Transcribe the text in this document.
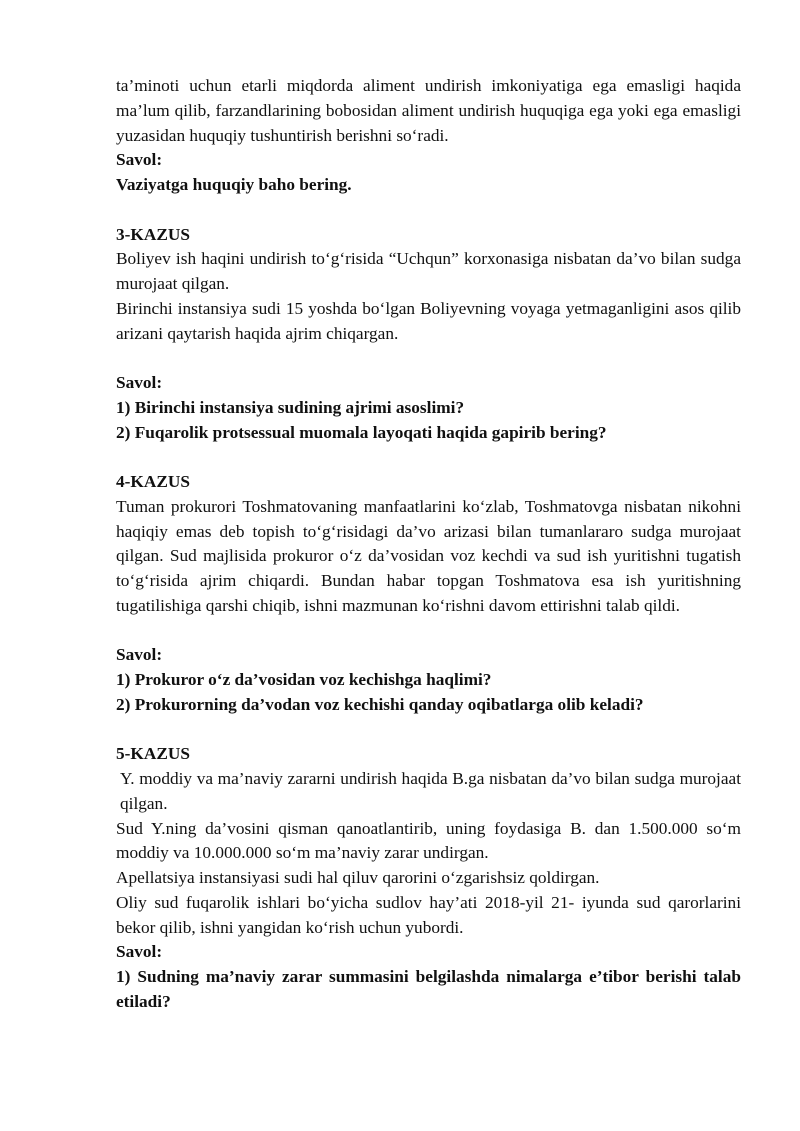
ta’minoti uchun etarli miqdorda aliment undirish imkoniyatiga ega emasligi haqida ma’lum qilib, farzandlarining bobosidan aliment undirish huquqiga ega yoki ega emasligi yuzasidan huquqiy tushuntirish berishni so‘radi.

Savol:

Vaziyatga huquqiy baho bering.

3-KAZUS

Boliyev ish haqini undirish to‘g‘risida “Uchqun” korxonasiga nisbatan da’vo bilan sudga murojaat qilgan.

Birinchi instansiya sudi 15 yoshda bo‘lgan Boliyevning voyaga yetmaganligini asos qilib arizani qaytarish haqida ajrim chiqargan.

Savol:

1) Birinchi instansiya sudining ajrimi asoslimi?

2) Fuqarolik protsessual muomala layoqati haqida gapirib bering?

4-KAZUS

Tuman prokurori Toshmatovaning manfaatlarini ko‘zlab, Toshmatovga nisbatan nikohni haqiqiy emas deb topish to‘g‘risidagi da’vo arizasi bilan tumanlararo sudga murojaat qilgan. Sud majlisida prokuror o‘z da’vosidan voz kechdi va sud ish yuritishni tugatish to‘g‘risida ajrim chiqardi. Bundan habar topgan Toshmatova esa ish yuritishning tugatilishiga qarshi chiqib, ishni mazmunan ko‘rishni davom ettirishni talab qildi.

Savol:

1) Prokuror o‘z da’vosidan voz kechishga haqlimi?

2) Prokurorning da’vodan voz kechishi qanday oqibatlarga olib keladi?

5-KAZUS

Y. moddiy va ma’naviy zararni undirish haqida B.ga nisbatan da’vo bilan sudga murojaat qilgan.

Sud Y.ning da’vosini qisman qanoatlantirib, uning foydasiga B. dan 1.500.000 so‘m moddiy va 10.000.000 so‘m ma’naviy zarar undirgan.

Apellatsiya instansiyasi sudi hal qiluv qarorini o‘zgarishsiz qoldirgan.

Oliy sud fuqarolik ishlari bo‘yicha sudlov hay’ati 2018-yil 21- iyunda sud qarorlarini bekor qilib, ishni yangidan ko‘rish uchun yubordi.

Savol:

1) Sudning ma’naviy zarar summasini belgilashda nimalarga e’tibor berishi talab etiladi?
